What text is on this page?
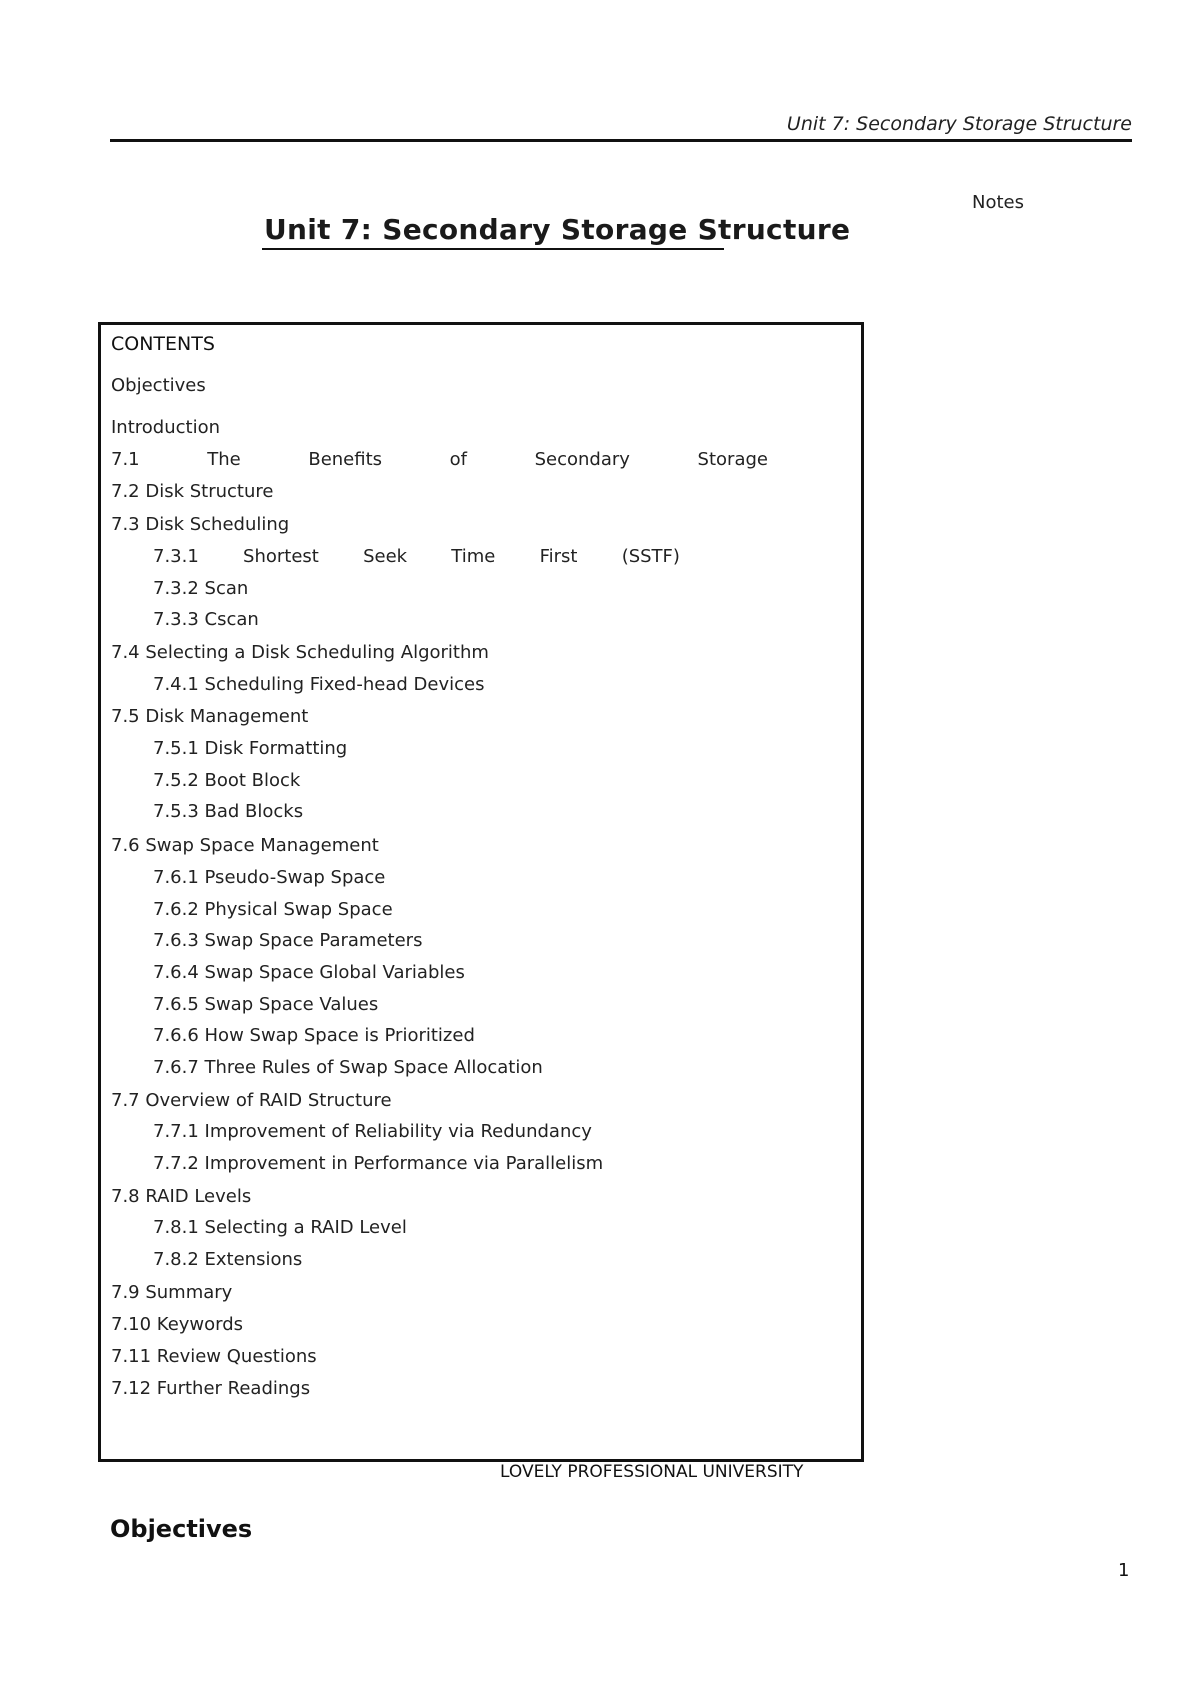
Unit 7: Secondary Storage Structure
Notes
Unit 7: Secondary Storage Structure
CONTENTS
Objectives
Introduction
7.1	The	Benefits	of	Secondary	Storage
7.2 Disk Structure
7.3 Disk Scheduling
7.3.1 Shortest Seek Time First (SSTF)
7.3.2 Scan
7.3.3 Cscan
7.4 Selecting a Disk Scheduling Algorithm
7.4.1 Scheduling Fixed-head Devices
7.5 Disk Management
7.5.1 Disk Formatting
7.5.2 Boot Block
7.5.3 Bad Blocks
7.6 Swap Space Management
7.6.1 Pseudo-Swap Space
7.6.2 Physical Swap Space
7.6.3 Swap Space Parameters
7.6.4 Swap Space Global Variables
7.6.5 Swap Space Values
7.6.6 How Swap Space is Prioritized
7.6.7 Three Rules of Swap Space Allocation
7.7 Overview of RAID Structure
7.7.1 Improvement of Reliability via Redundancy
7.7.2 Improvement in Performance via Parallelism
7.8 RAID Levels
7.8.1 Selecting a RAID Level
7.8.2 Extensions
7.9 Summary
7.10 Keywords
7.11 Review Questions
7.12 Further Readings
LOVELY PROFESSIONAL UNIVERSITY
Objectives
1
